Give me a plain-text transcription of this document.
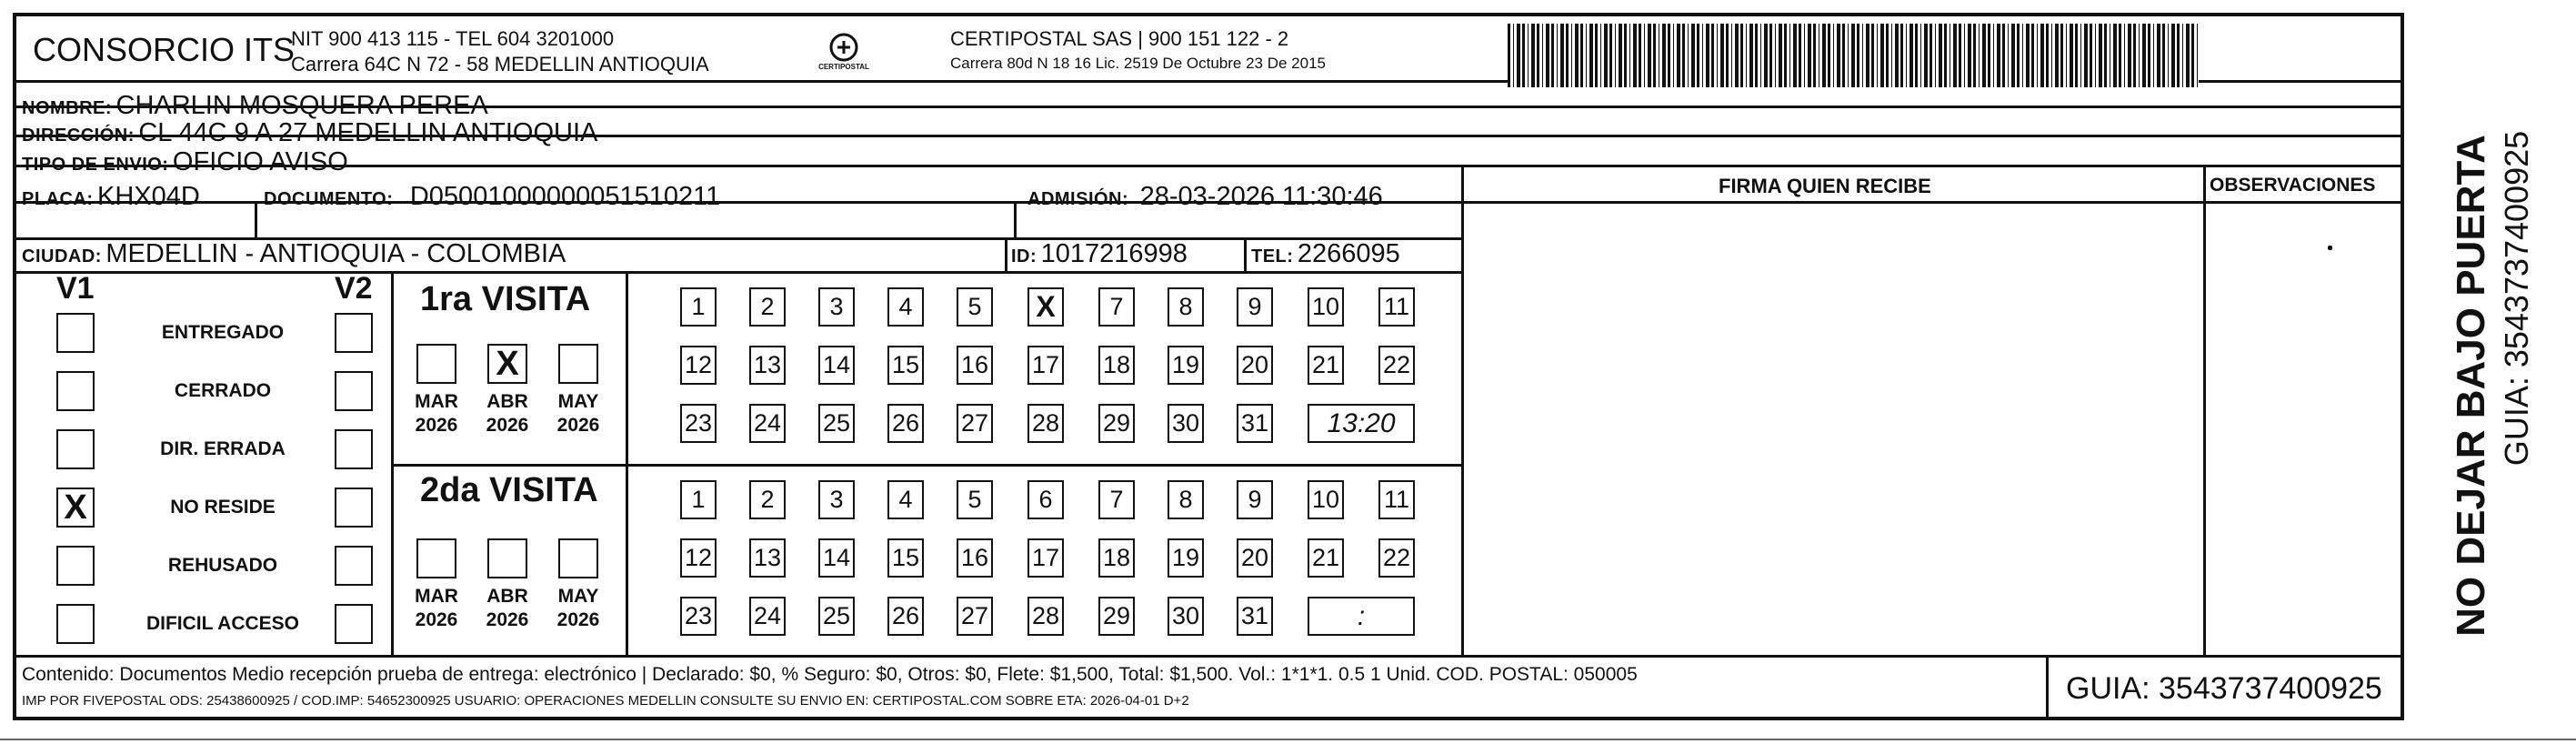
CONSORCIO ITS
NIT 900 413 115 - TEL 604 3201000
Carrera 64C N 72 - 58 MEDELLIN ANTIOQUIA	CERTIPOSTAL
CERTIPOSTAL SAS | 900 151 122 - 2
Carrera 80d N 18 16 Lic. 2519 De Octubre 23 De 2015
NOMBRE: CHARLIN MOSQUERA PEREA
DIRECCIÓN: CL 44C 9 A 27 MEDELLIN ANTIOQUIA
TIPO DE ENVIO: OFICIO AVISO
FIRMA QUIEN RECIBE	OBSERVACIONES
PLACA: KHX04D	DOCUMENTO: D05001000000051510211	ADMISIÓN: 28-03-2026 11:30:46
CIUDAD: MEDELLIN - ANTIOQUIA - COLOMBIA	ID: 1017216998	TEL: 2266095
V1	V2
ENTREGADO
CERRADO
DIR. ERRADA
X	NO RESIDE
REHUSADO
DIFICIL ACCESO
1ra VISITA
MAR
2026
X
ABR
2026
MAY
2026
1	2	3	4	5	X	7	8	9	10 11
12 13 14 15 16 17 18 19 20 21 22
23 24 25 26 27 28 29 30 31	13:20
2da VISITA
MAR
2026
ABR
2026
MAY
2026
1	2	3	4	5	6	7	8	9	10 11
12 13 14 15 16 17 18 19 20 21 22
23 24 25 26 27 28 29 30 31	:
Contenido: Documentos Medio recepción prueba de entrega: electrónico | Declarado: $0, % Seguro: $0, Otros: $0, Flete: $1,500, Total: $1,500. Vol.: 1*1*1. 0.5 1 Unid. COD. POSTAL: 050005
IMP POR FIVEPOSTAL ODS: 25438600925 / COD.IMP: 54652300925 USUARIO: OPERACIONES MEDELLIN CONSULTE SU ENVIO EN: CERTIPOSTAL.COM SOBRE ETA: 2026-04-01 D+2	GUIA: 3543737400925
NO DEJAR BAJO PUERTA GUIA: 3543737400925
